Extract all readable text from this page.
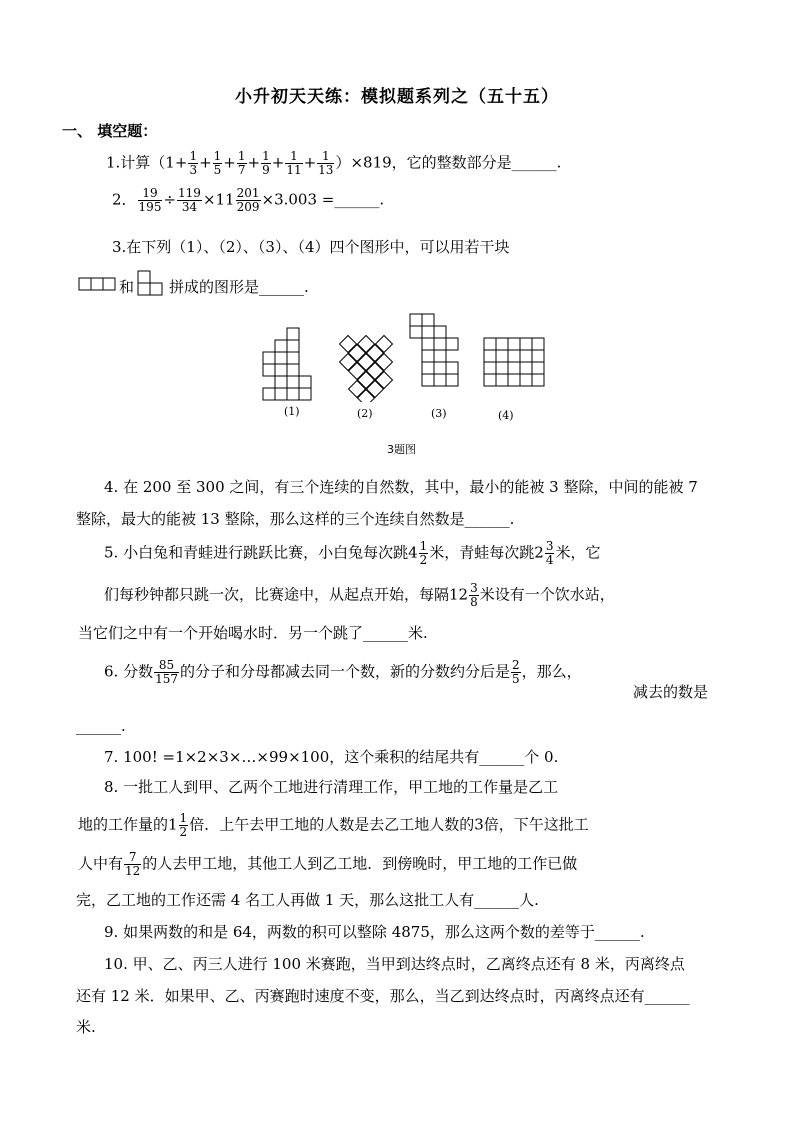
小升初天天练：模拟题系列之（五十五）
一、 填空题：
1.计算$(1+ \frac{1}{3} + \frac{1}{5} + \frac{1}{7} + \frac{1}{9} + \frac{1}{11} + \frac{1}{13} )\times 819$，它的整数部分是______.
2． $\frac{19}{195} \div \frac{119}{34} \times 11 \frac{201}{209} \times 3.003$ =______.
3.在下列（1）、（2）、（3）、（4）四个图形中，可以用若干块
和 拼成的图形是______.
(1)	(2)	(3)	(4)
3题图
4. 在 200 至 300 之间，有三个连续的自然数，其中，最小的能被 3 整除，中间的能被 7
整除，最大的能被 13 整除，那么这样的三个连续自然数是______.
5. 小白兔和青蛙进行跳跃比赛，小白兔每次跳$4 \frac{1}{2}$ 米，青蛙每次跳$2 \frac{3}{4}$ 米，它
们每秒钟都只跳一次，比赛途中，从起点开始，每隔$12 \frac{3}{8}$ 米设有一个饮水站，
当它们之中有一个开始喝水时．另一个跳了______米.
6. 分数 $\frac{85}{157}$ 的分子和分母都减去同一个数，新的分数约分后是 $\frac{2}{5}$ ，那么，
减去的数是
______.
7. 100! =1×2×3×…×99×100，这个乘积的结尾共有______个 0.
8. 一批工人到甲、乙两个工地进行清理工作，甲工地的工作量是乙工
地的工作量的$1 \frac{1}{2}$ 倍．上午去甲工地的人数是去乙工地人数的3倍，下午这批工
人中有 $\frac{7}{12}$ 的人去甲工地，其他工人到乙工地．到傍晚时，甲工地的工作已做
完，乙工地的工作还需 4 名工人再做 1 天，那么这批工人有______人.
9. 如果两数的和是 64，两数的积可以整除 4875，那么这两个数的差等于______.
10. 甲、乙、丙三人进行 100 米赛跑，当甲到达终点时，乙离终点还有 8 米，丙离终点
还有 12 米．如果甲、乙、丙赛跑时速度不变，那么，当乙到达终点时，丙离终点还有______
米.
